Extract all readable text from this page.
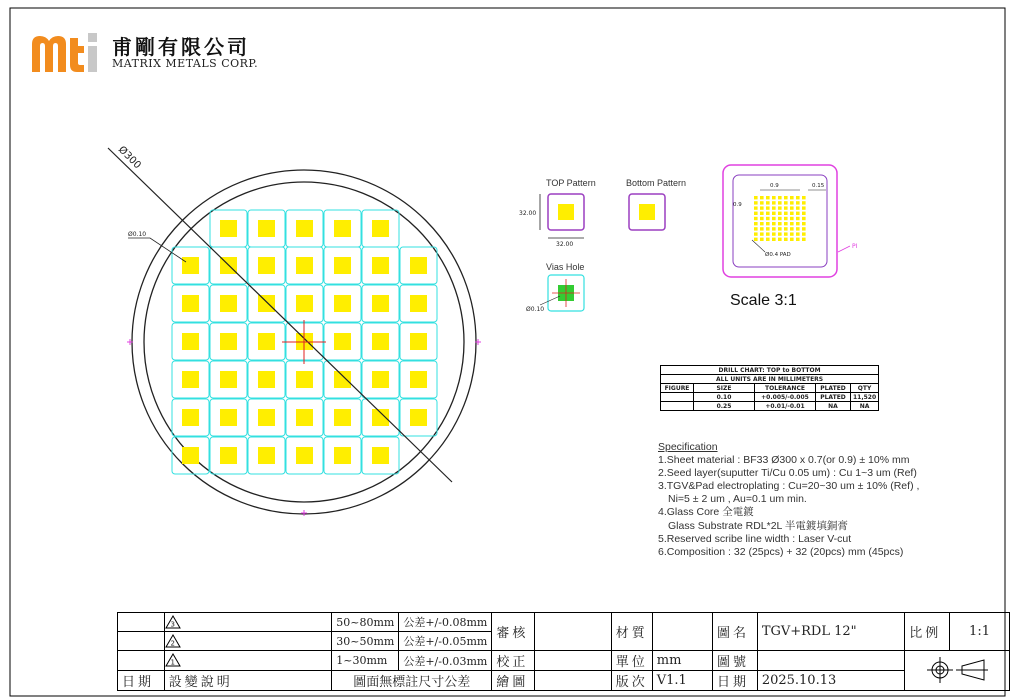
Ø300
Ø0.10
32.00
32.00
Ø0.10
0.9	0.15
0.9
Ø0.4 PAD
PI
3
2
1
甫剛有限公司
MATRIX METALS CORP.
TOP Pattern	Bottom Pattern
Vias Hole
Scale 3:1
DRILL CHART: TOP to BOTTOM				
ALL UNITS ARE IN MILLIMETERS				
FIGURE	SIZE	TOLERANCE	PLATED	QTY
	0.10	+0.005/-0.005	PLATED	11,520
	0.25	+0.01/-0.01	NA	NA
Specification
1.Sheet material : BF33 Ø300 x 0.7(or 0.9) ± 10% mm
2.Seed layer(suputter Ti/Cu 0.05 um) : Cu 1~3 um (Ref)
3.TGV&Pad electroplating : Cu=20~30 um ± 10% (Ref) ,
Ni=5 ± 2 um , Au=0.1 um min.
4.Glass Core 全電鍍
Glass Substrate RDL*2L 半電鍍填銅膏
5.Reserved scribe line width : Laser V-cut
6.Composition : 32 (25pcs) + 32 (20pcs) mm (45pcs)
		50~80mm	公差+/-0.08mm	審核		材質		圖名	TGV+RDL 12"	比例	1:1
		30~50mm	公差+/-0.05mm								
		1~30mm	公差+/-0.03mm	校正		單位	mm	圖號			
日期	設變說明	圖面無標註尺寸公差		繪圖		版次	V1.1	日期	2025.10.13		
